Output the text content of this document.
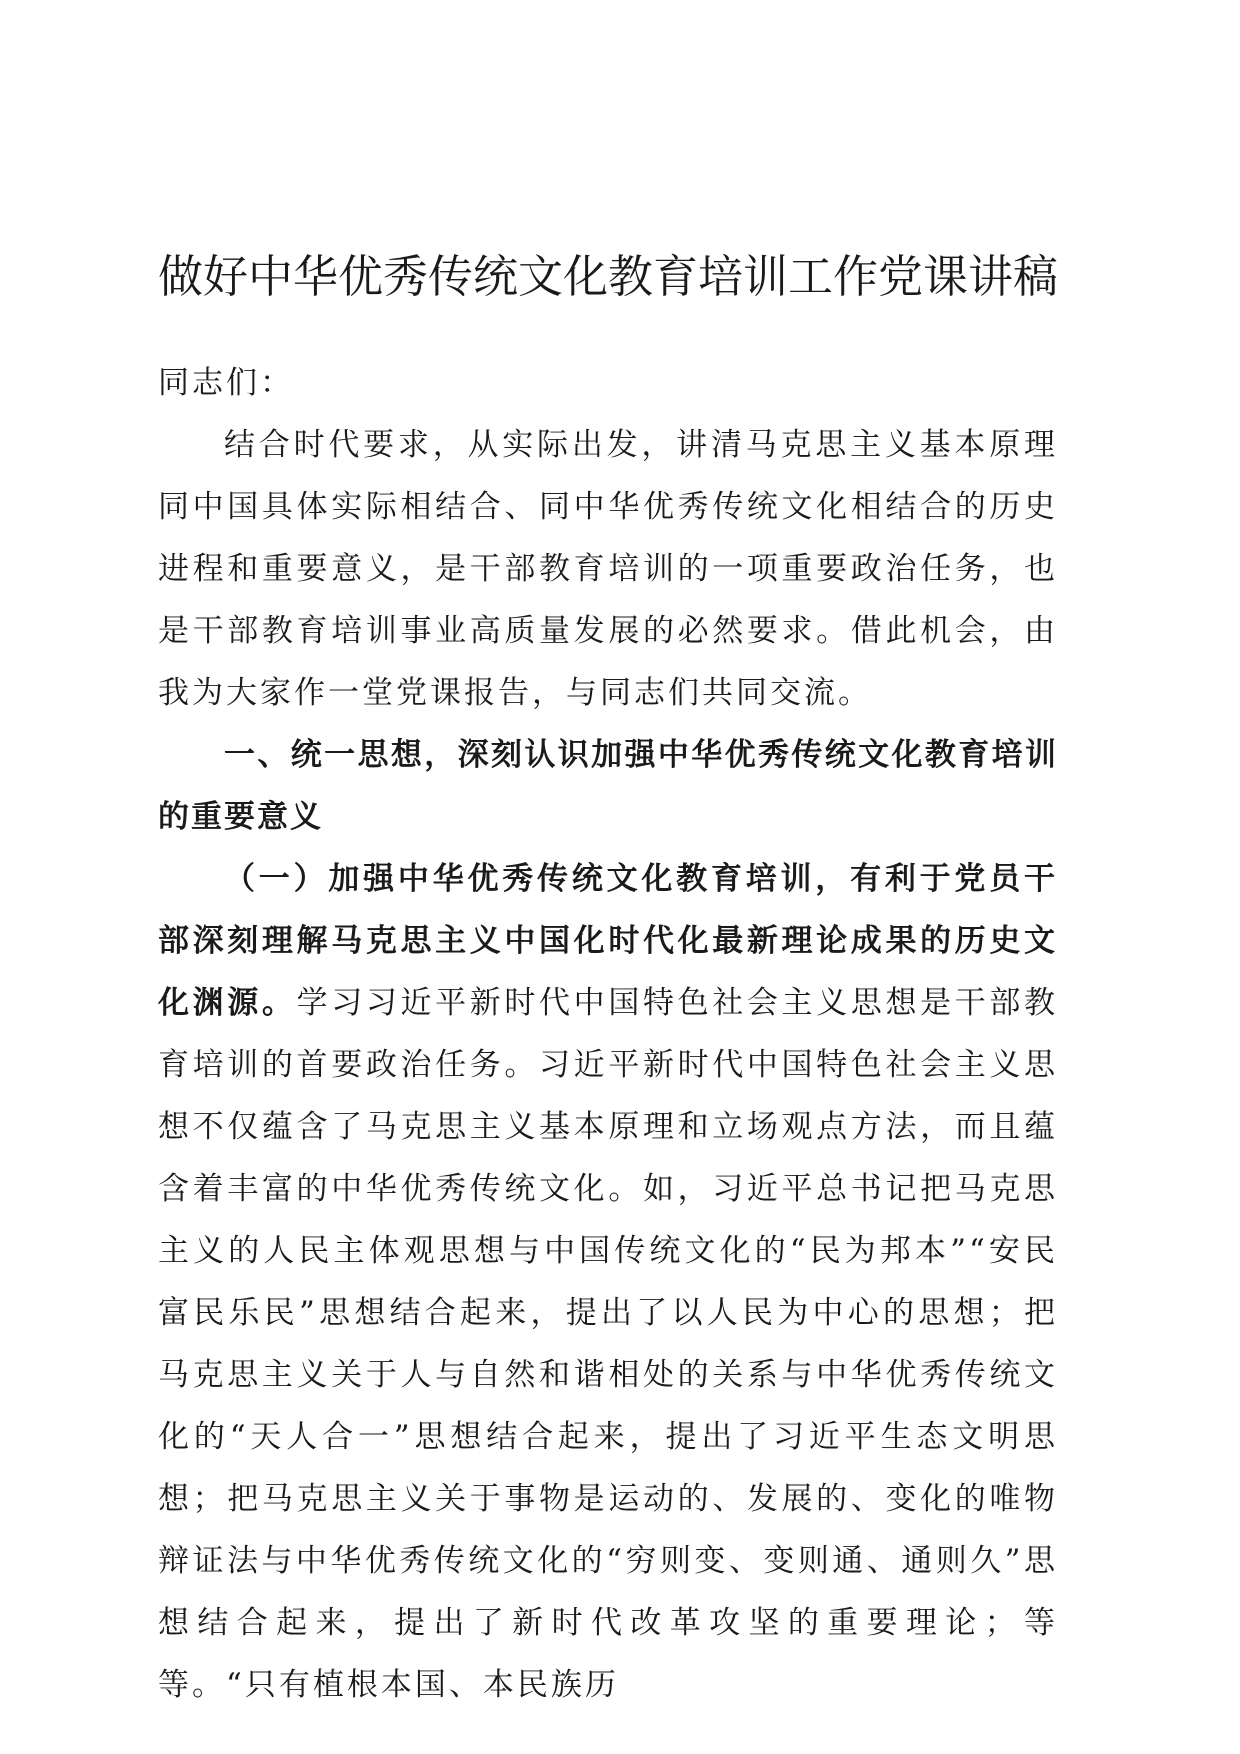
做好中华优秀传统文化教育培训工作党课讲稿

同志们：

结合时代要求，从实际出发，讲清马克思主义基本原理同中国具体实际相结合、同中华优秀传统文化相结合的历史进程和重要意义，是干部教育培训的一项重要政治任务，也是干部教育培训事业高质量发展的必然要求。借此机会，由我为大家作一堂党课报告，与同志们共同交流。

一、统一思想，深刻认识加强中华优秀传统文化教育培训的重要意义

（一）加强中华优秀传统文化教育培训，有利于党员干部深刻理解马克思主义中国化时代化最新理论成果的历史文化渊源。学习习近平新时代中国特色社会主义思想是干部教育培训的首要政治任务。习近平新时代中国特色社会主义思想不仅蕴含了马克思主义基本原理和立场观点方法，而且蕴含着丰富的中华优秀传统文化。如，习近平总书记把马克思主义的人民主体观思想与中国传统文化的“民为邦本”“安民富民乐民”思想结合起来，提出了以人民为中心的思想；把马克思主义关于人与自然和谐相处的关系与中华优秀传统文化的“天人合一”思想结合起来，提出了习近平生态文明思想；把马克思主义关于事物是运动的、发展的、变化的唯物辩证法与中华优秀传统文化的“穷则变、变则通、通则久”思想结合起来，提出了新时代改革攻坚的重要理论；等等。“只有植根本国、本民族历
